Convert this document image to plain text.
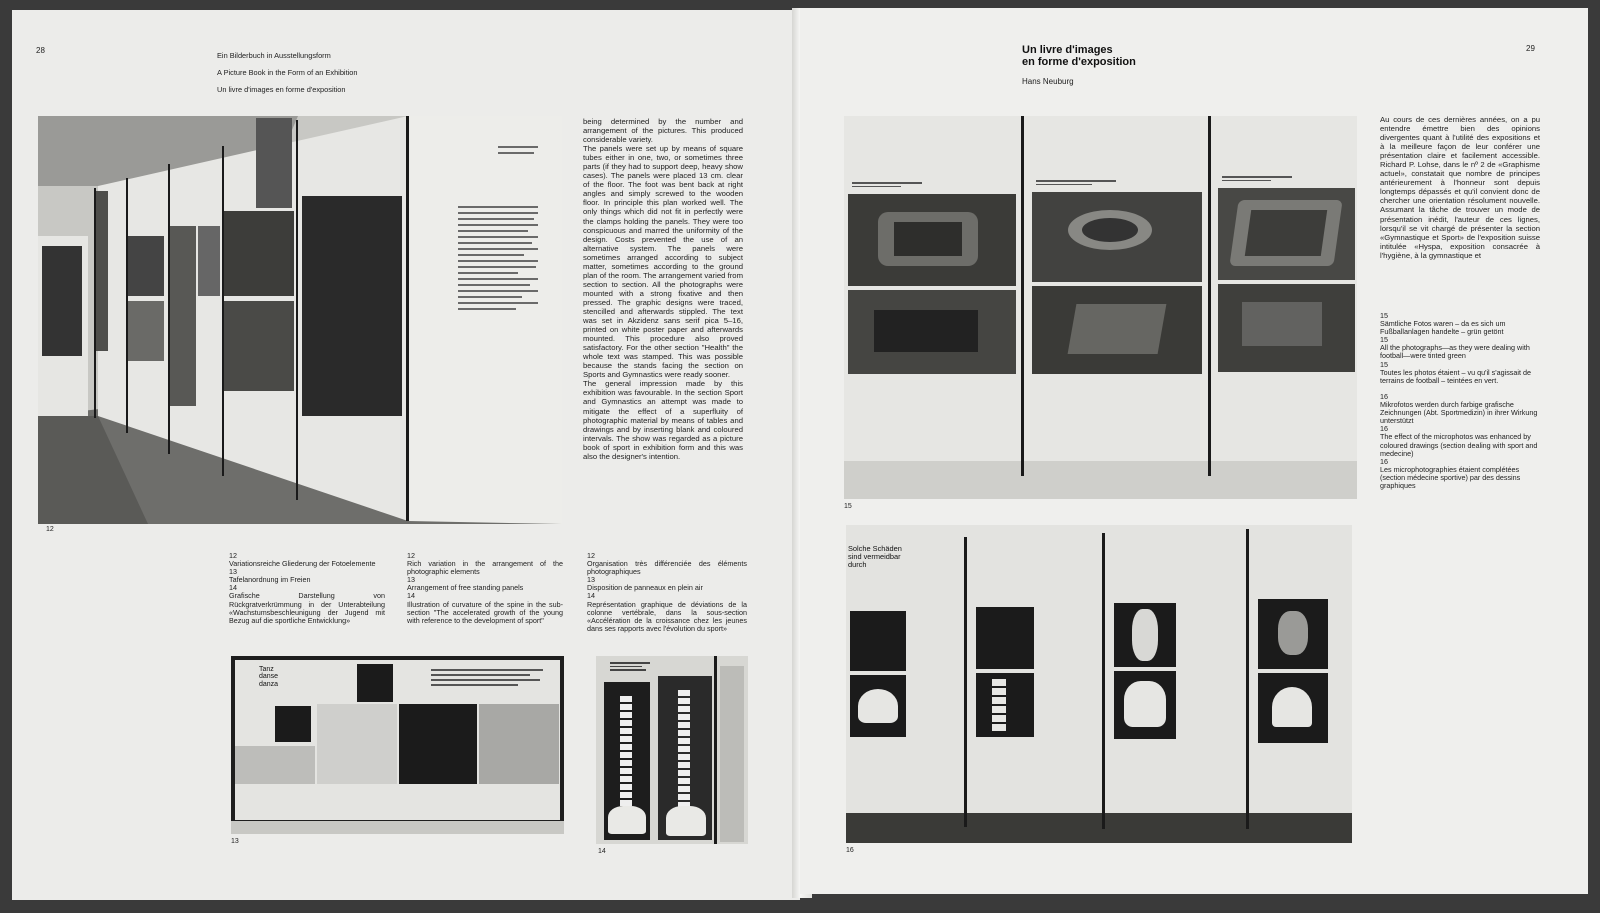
28

Ein Bilderbuch in Ausstellungsform

A Picture Book in the Form of an Exhibition

Un livre d'images en forme d'exposition

12
being determined by the number and arrangement of the pictures. This produced considerable variety.
The panels were set up by means of square tubes either in one, two, or sometimes three parts (if they had to support deep, heavy show cases). The panels were placed 13 cm. clear of the floor. The foot was bent back at right angles and simply screwed to the wooden floor. In principle this plan worked well. The only things which did not fit in perfectly were the clamps holding the panels. They were too conspicuous and marred the uniformity of the design. Costs prevented the use of an alternative system. The panels were sometimes arranged according to subject matter, sometimes according to the ground plan of the room. The arrangement varied from section to section. All the photographs were mounted with a strong fixative and then pressed. The graphic designs were traced, stencilled and afterwards stippled. The text was set in Akzidenz sans serif pica 5–16, printed on white poster paper and afterwards mounted. This procedure also proved satisfactory. For the other section "Health" the whole text was stamped. This was possible because the stands facing the section on Sports and Gymnastics were ready sooner.
The general impression made by this exhibition was favourable. In the section Sport and Gymnastics an attempt was made to mitigate the effect of a superfluity of photographic material by means of tables and drawings and by inserting blank and coloured intervals. The show was regarded as a picture book of sport in exhibition form and this was also the designer's intention.
12
Variationsreiche Gliederung der Fotoelemente
13
Tafelanordnung im Freien
14
Grafische Darstellung von Rückgratverkrümmung in der Unterabteilung «Wachstumsbeschleunigung der Jugend mit Bezug auf die sportliche Entwicklung»
12
Rich variation in the arrangement of the photographic elements
13
Arrangement of free standing panels
14
Illustration of curvature of the spine in the sub-section "The accelerated growth of the young with reference to the development of sport"
12
Organisation très différenciée des éléments photographiques
13
Disposition de panneaux en plein air
14
Représentation graphique de déviations de la colonne vertébrale, dans la sous-section «Accélération de la croissance chez les jeunes dans ses rapports avec l'évolution du sport»
Tanz
danse
danza
13
14
Un livre d'images
en forme d'exposition
Hans Neuburg
29
15
Au cours de ces dernières années, on a pu entendre émettre bien des opinions divergentes quant à l'utilité des expositions et à la meilleure façon de leur conférer une présentation claire et facilement accessible. Richard P. Lohse, dans le nº 2 de «Graphisme actuel», constatait que nombre de principes antérieurement à l'honneur sont depuis longtemps dépassés et qu'il convient donc de chercher une orientation résolument nouvelle. Assumant la tâche de trouver un mode de présentation inédit, l'auteur de ces lignes, lorsqu'il se vit chargé de présenter la section «Gymnastique et Sport» de l'exposition suisse intitulée «Hyspa, exposition consacrée à l'hygiène, à la gymnastique et
15
Sämtliche Fotos waren – da es sich um Fußballanlagen handelte – grün getönt
15
All the photographs—as they were dealing with football—were tinted green
15
Toutes les photos étaient – vu qu'il s'agissait de terrains de football – teintées en vert.

16
Mikrofotos werden durch farbige grafische Zeichnungen (Abt. Sportmedizin) in ihrer Wirkung unterstützt
16
The effect of the microphotos was enhanced by coloured drawings (section dealing with sport and medecine)
16
Les microphotographies étaient complétées (section médecine sportive) par des dessins graphiques
Solche Schäden
sind vermeidbar
durch
16
